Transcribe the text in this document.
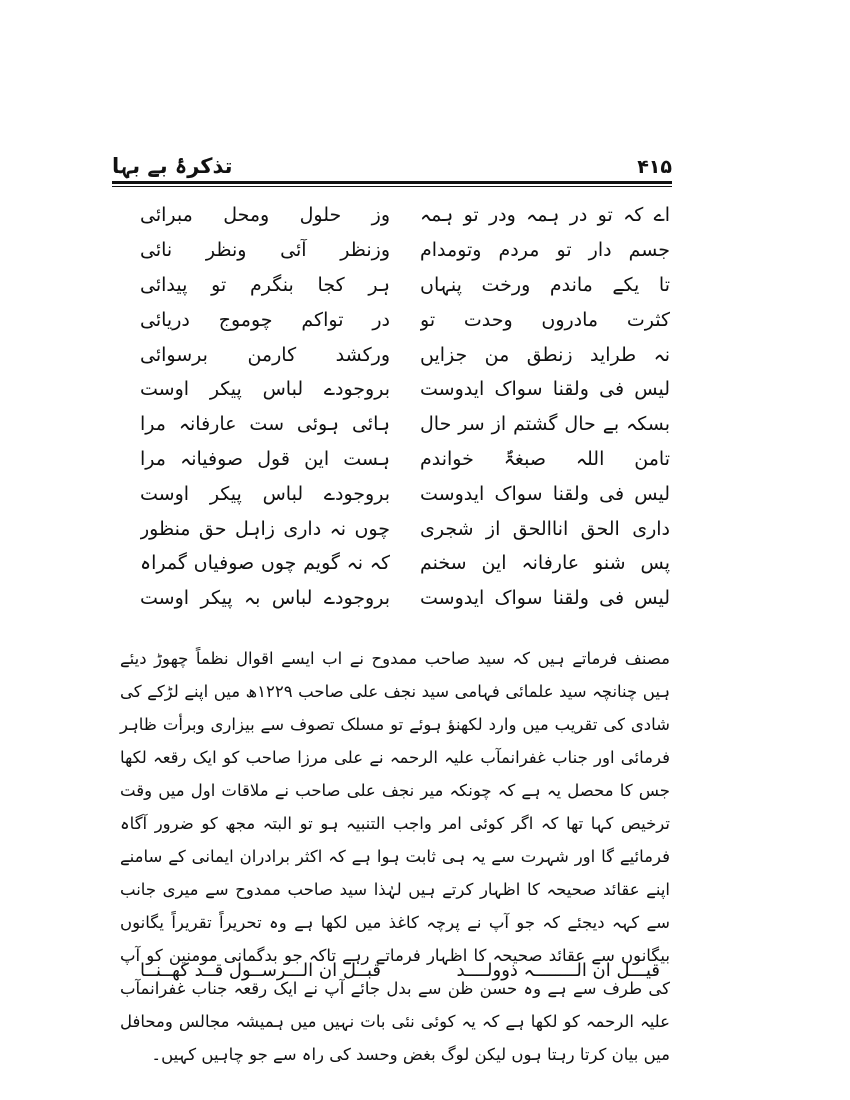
۴۱۵
تذکرۂ بے بہا
اے کہ تو در ہمہ ودر تو ہمہ
وز حلول ومحل مبرائی
جسم دار تو مردم وتومدام
وزنظر آئی ونظر نائی
تا یکے ماندم ورخت پنہاں
ہر کجا بنگرم تو پیدائی
کثرت مادروں وحدت تو
در تواکم چوموج دریائی
نہ طراید زنطق من جزایں
ورکشد کارمن برسوائی
لیس فی ولقنا سواک ایدوست
بروجودے لباس پیکر اوست
بسکہ بے حال گشتم از سر حال
ہائی ہوئی ست عارفانہ مرا
تامن اللہ صبغۃٌ خواندم
ہست این قول صوفیانہ مرا
لیس فی ولقنا سواک ایدوست
بروجودے لباس پیکر اوست
داری الحق اناالحق از شجری
چوں نہ داری زاہل حق منظور
پس شنو عارفانہ این سخنم
کہ نہ گویم چوں صوفیاں گمراہ
لیس فی ولقنا سواک ایدوست
بروجودے لباس بہ پیکر اوست

مصنف فرماتے ہیں کہ سید صاحب ممدوح نے اب ایسے اقوال نظماً چھوڑ دیئے ہیں چنانچہ سید علمائی فہامی سید نجف علی صاحب ۱۲۲۹ھ میں اپنے لڑکے کی شادی کی تقریب میں وارد لکھنؤ ہوئے تو مسلک تصوف سے بیزاری وبرأت ظاہر فرمائی اور جناب غفرانمآب علیہ الرحمہ نے علی مرزا صاحب کو ایک رقعہ لکھا جس کا محصل یہ ہے کہ چونکہ میر نجف علی صاحب نے ملاقات اول میں وقت ترخیص کہا تھا کہ اگر کوئی امر واجب التنبیہ ہو تو البتہ مجھ کو ضرور آگاہ فرمائیے گا اور شہرت سے یہ ہی ثابت ہوا ہے کہ اکثر برادران ایمانی کے سامنے اپنے عقائد صحیحہ کا اظہار کرتے ہیں لہٰذا سید صاحب ممدوح سے میری جانب سے کہہ دیجئے کہ جو آپ نے پرچہ کاغذ میں لکھا ہے وہ تحریراً تقریراً یگانوں بیگانوں سے عقائد صحیحہ کا اظہار فرماتے رہے تاکہ جو بدگمانی مومنین کو آپ کی طرف سے ہے وہ حسن ظن سے بدل جائے آپ نے ایک رقعہ جناب غفرانمآب علیہ الرحمہ کو لکھا ہے کہ یہ کوئی نئی بات نہیں میں ہمیشہ مجالس ومحافل میں بیان کرتا رہتا ہوں لیکن لوگ بغض وحسد کی راہ سے جو چاہیں کہیں۔

قیـــل ان الــــــــہ ذوولــــد
قبــل ان الـــرســول قــد کھــنــا
